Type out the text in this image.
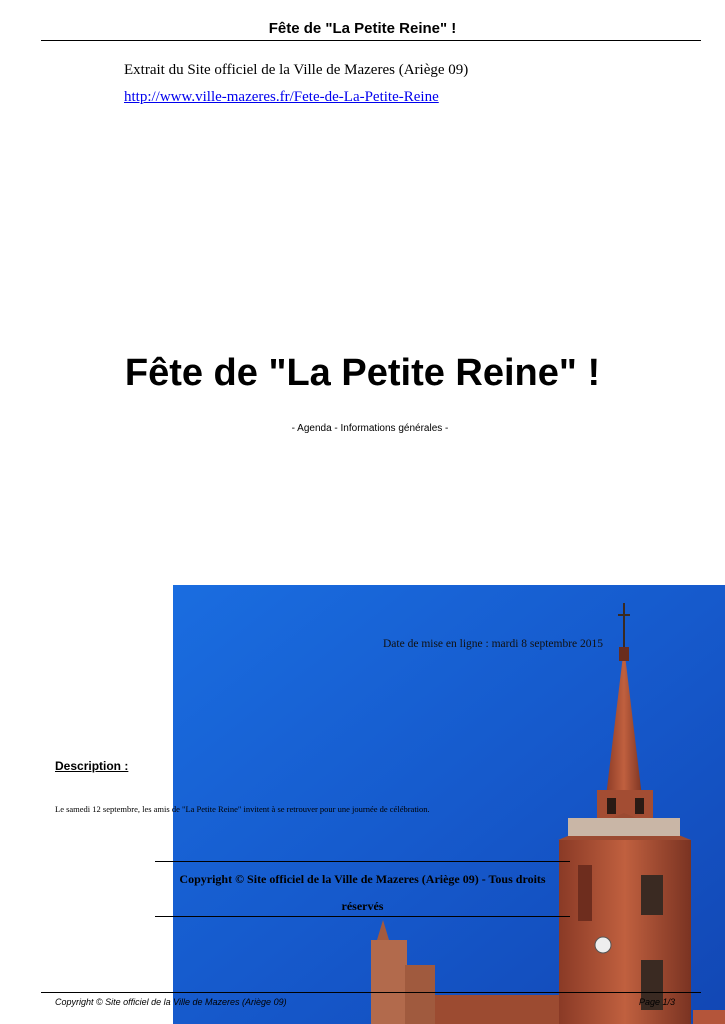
Fête de "La Petite Reine" !
Extrait du Site officiel de la Ville de Mazeres (Ariège 09)
http://www.ville-mazeres.fr/Fete-de-La-Petite-Reine
Fête de "La Petite Reine" !
- Agenda - Informations générales -
Date de mise en ligne : mardi 8 septembre 2015
Description :
Le samedi 12 septembre, les amis de "La Petite Reine" invitent à se retrouver pour une journée de célébration.
Copyright © Site officiel de la Ville de Mazeres (Ariège 09) - Tous droits
réservés
Copyright © Site officiel de la Ville de Mazeres (Ariège 09)	Page 1/3
